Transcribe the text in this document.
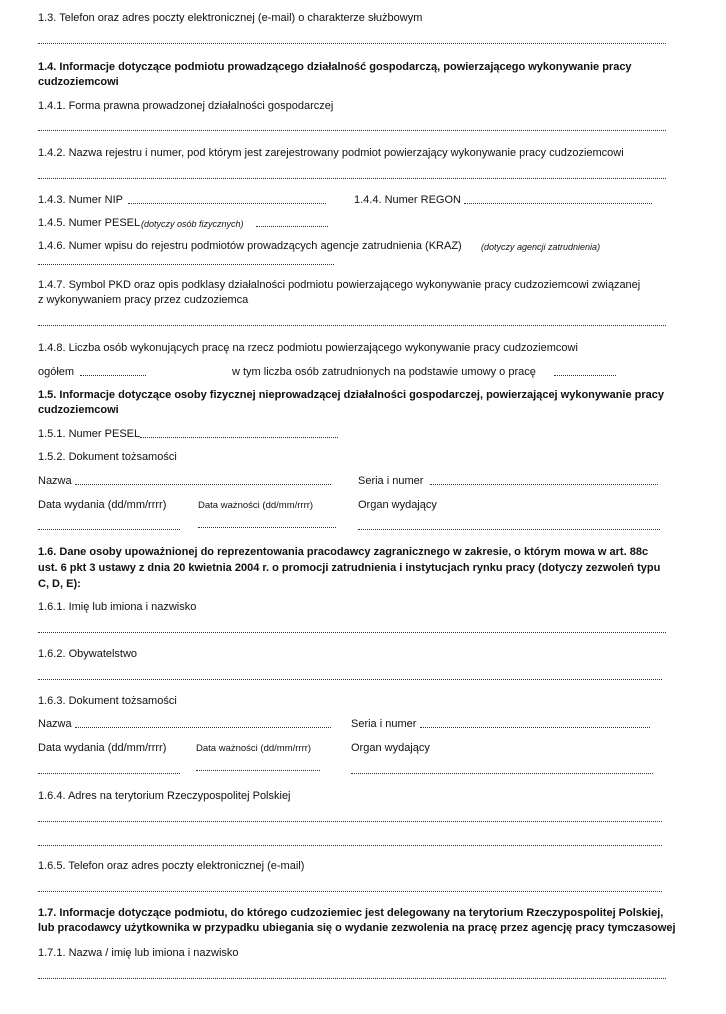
1.3. Telefon oraz adres poczty elektronicznej (e-mail) o charakterze służbowym
1.4. Informacje dotyczące podmiotu prowadzącego działalność gospodarczą, powierzającego wykonywanie pracy
cudzoziemcowi
1.4.1. Forma prawna prowadzonej działalności gospodarczej
1.4.2. Nazwa rejestru i numer, pod którym jest zarejestrowany podmiot powierzający wykonywanie pracy cudzoziemcowi
1.4.3. Numer NIP	1.4.4. Numer REGON
1.4.5. Numer PESEL (dotyczy osób fizycznych)
1.4.6. Numer wpisu do rejestru podmiotów prowadzących agencje zatrudnienia (KRAZ) (dotyczy agencji zatrudnienia)
1.4.7. Symbol PKD oraz opis podklasy działalności podmiotu powierzającego wykonywanie pracy cudzoziemcowi związanej
z wykonywaniem pracy przez cudzoziemca
1.4.8. Liczba osób wykonujących pracę na rzecz podmiotu powierzającego wykonywanie pracy cudzoziemcowi
ogółem	w tym liczba osób zatrudnionych na podstawie umowy o pracę
1.5. Informacje dotyczące osoby fizycznej nieprowadzącej działalności gospodarczej, powierzającej wykonywanie pracy
cudzoziemcowi
1.5.1. Numer PESEL
1.5.2. Dokument tożsamości
Nazwa	Seria i numer
Data wydania (dd/mm/rrrr)	Data ważności (dd/mm/rrrr)	Organ wydający
1.6. Dane osoby upoważnionej do reprezentowania pracodawcy zagranicznego w zakresie, o którym mowa w art. 88c
ust. 6 pkt 3 ustawy z dnia 20 kwietnia 2004 r. o promocji zatrudnienia i instytucjach rynku pracy (dotyczy zezwoleń typu
C, D, E):
1.6.1. Imię lub imiona i nazwisko
1.6.2. Obywatelstwo
1.6.3. Dokument tożsamości
Nazwa	Seria i numer
Data wydania (dd/mm/rrrr)	Data ważności (dd/mm/rrrr)	Organ wydający
1.6.4. Adres na terytorium Rzeczypospolitej Polskiej
1.6.5. Telefon oraz adres poczty elektronicznej (e-mail)
1.7. Informacje dotyczące podmiotu, do którego cudzoziemiec jest delegowany na terytorium Rzeczypospolitej Polskiej,
lub pracodawcy użytkownika w przypadku ubiegania się o wydanie zezwolenia na pracę przez agencję pracy tymczasowej
1.7.1. Nazwa / imię lub imiona i nazwisko
